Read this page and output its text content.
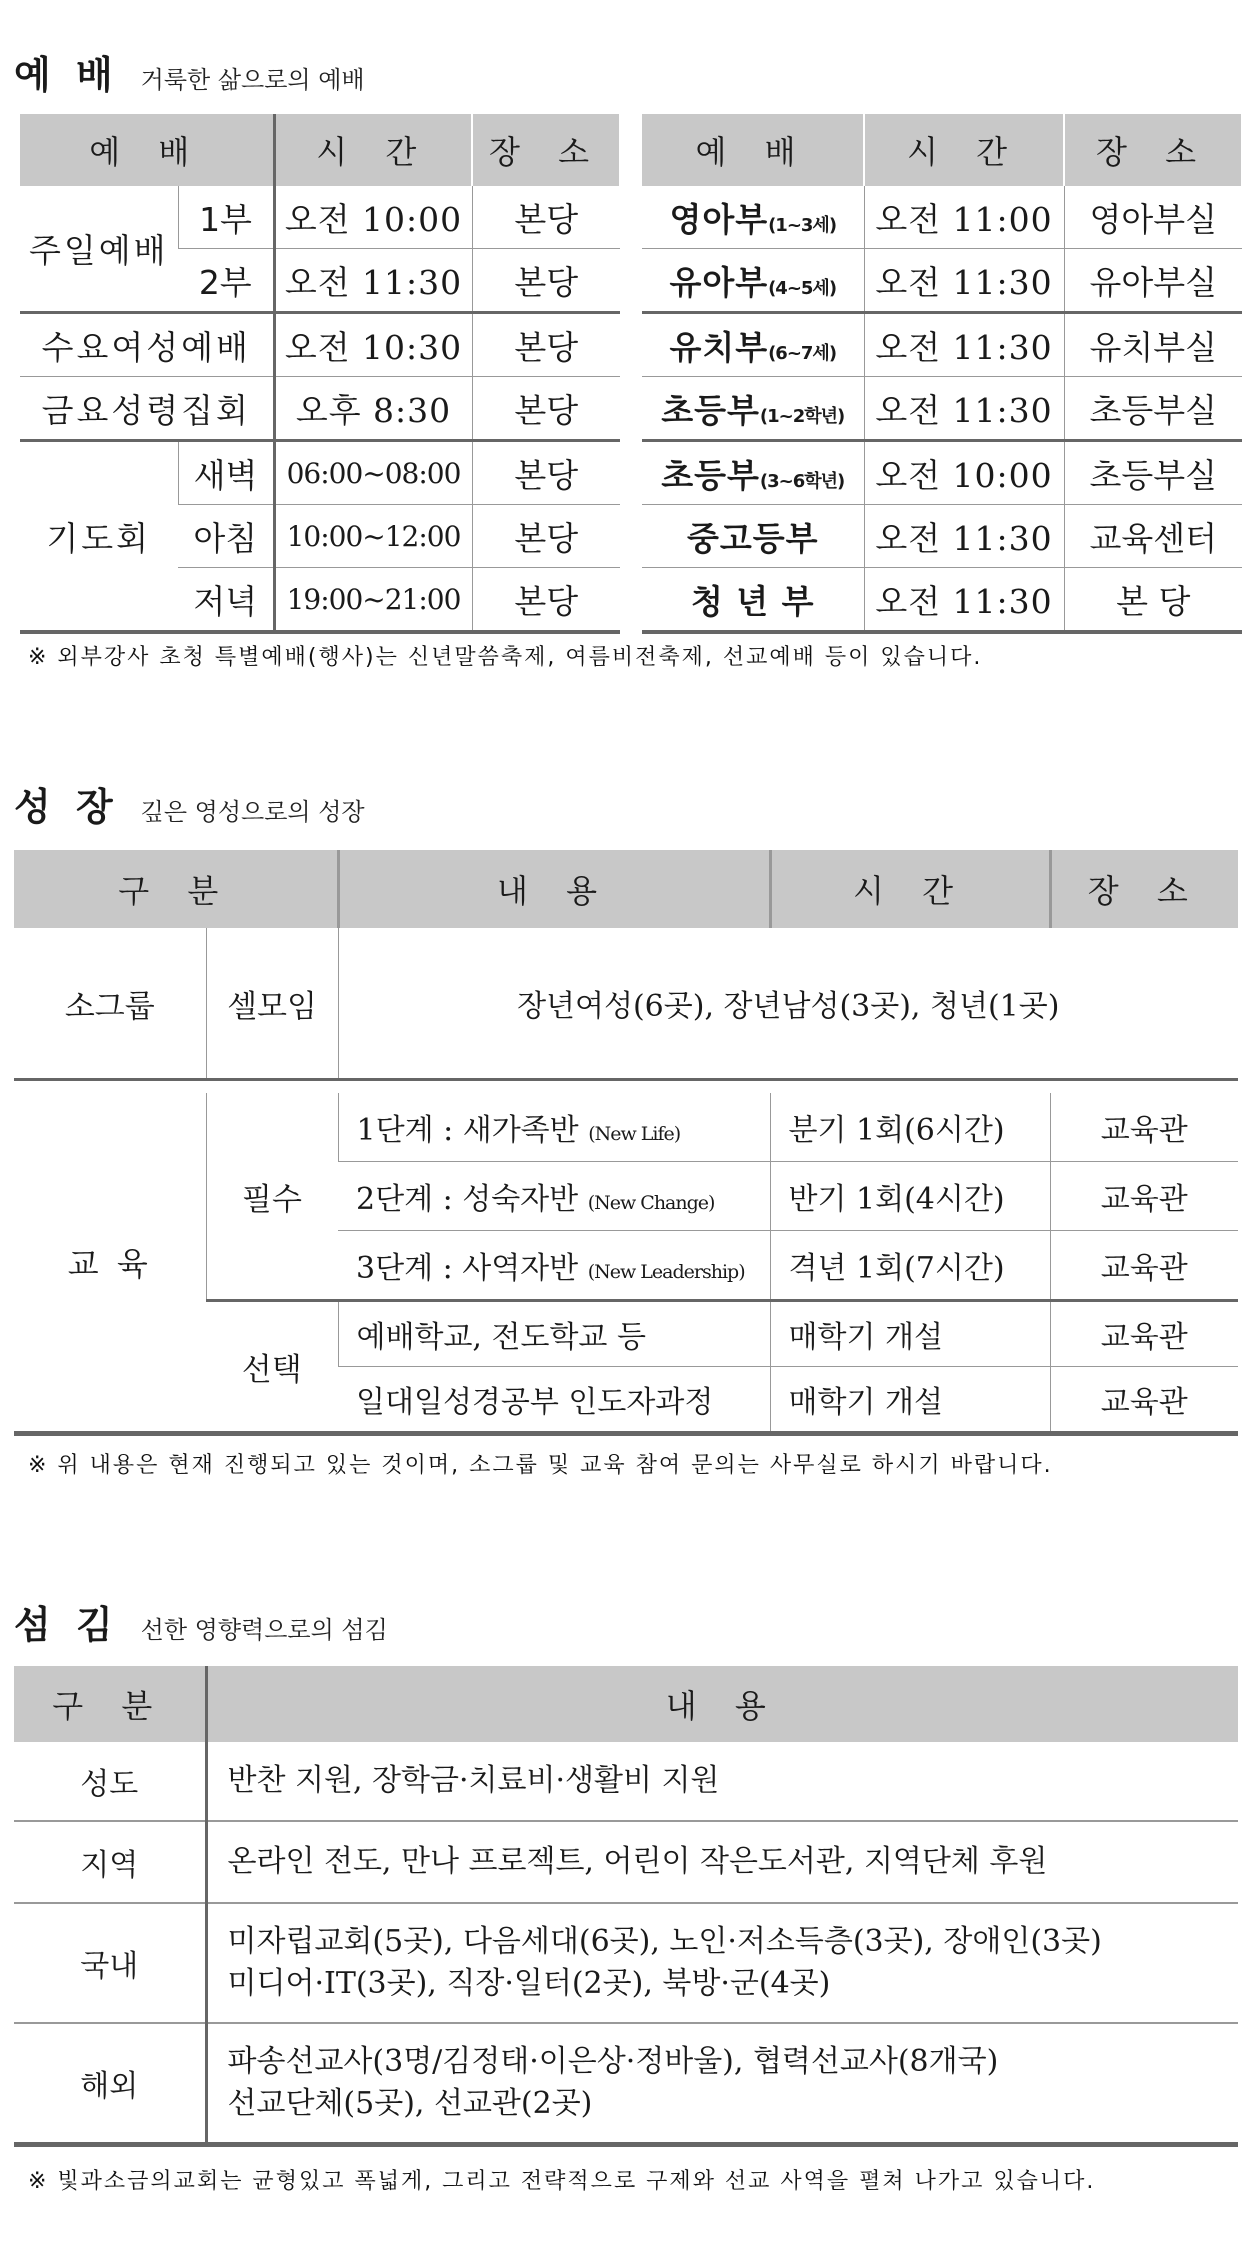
예 배 거룩한 삶으로의 예배
예 배		시 간	장 소
주일예배	1부	오전 10:00	본당
	2부	오전 11:30	본당
수요여성예배		오전 10:30	본당
금요성령집회		오후 8:30	본당
기도회	새벽	06:00~08:00	본당
	아침	10:00~12:00	본당
	저녁	19:00~21:00	본당
예 배	시 간	장 소
영아부(1~3세)	오전 11:00	영아부실
유아부(4~5세)	오전 11:30	유아부실
유치부(6~7세)	오전 11:30	유치부실
초등부(1~2학년)	오전 11:30	초등부실
초등부(3~6학년)	오전 10:00	초등부실
중고등부	오전 11:30	교육센터
청 년 부	오전 11:30	본 당
※ 외부강사 초청 특별예배(행사)는 신년말씀축제, 여름비전축제, 선교예배 등이 있습니다.
성 장 깊은 영성으로의 성장
구 분		내 용	시 간	장 소
소그룹	셀모임	장년여성(6곳), 장년남성(3곳), 청년(1곳)		

교 육	필수	1단계 : 새가족반 (New Life)	분기 1회(6시간)	교육관
		2단계 : 성숙자반 (New Change)	반기 1회(4시간)	교육관
		3단계 : 사역자반 (New Leadership)	격년 1회(7시간)	교육관
	선택	예배학교, 전도학교 등	매학기 개설	교육관
		일대일성경공부 인도자과정	매학기 개설	교육관
※ 위 내용은 현재 진행되고 있는 것이며, 소그룹 및 교육 참여 문의는 사무실로 하시기 바랍니다.
섬 김 선한 영향력으로의 섬김
구 분	내 용
성도	반찬 지원, 장학금·치료비·생활비 지원

지역	온라인 전도, 만나 프로젝트, 어린이 작은도서관, 지역단체 후원

국내	미자립교회(5곳), 다음세대(6곳), 노인·저소득층(3곳), 장애인(3곳)
미디어·IT(3곳), 직장·일터(2곳), 북방·군(4곳)

해외	파송선교사(3명/김정태·이은상·정바울), 협력선교사(8개국)
선교단체(5곳), 선교관(2곳)
※ 빛과소금의교회는 균형있고 폭넓게, 그리고 전략적으로 구제와 선교 사역을 펼쳐 나가고 있습니다.
